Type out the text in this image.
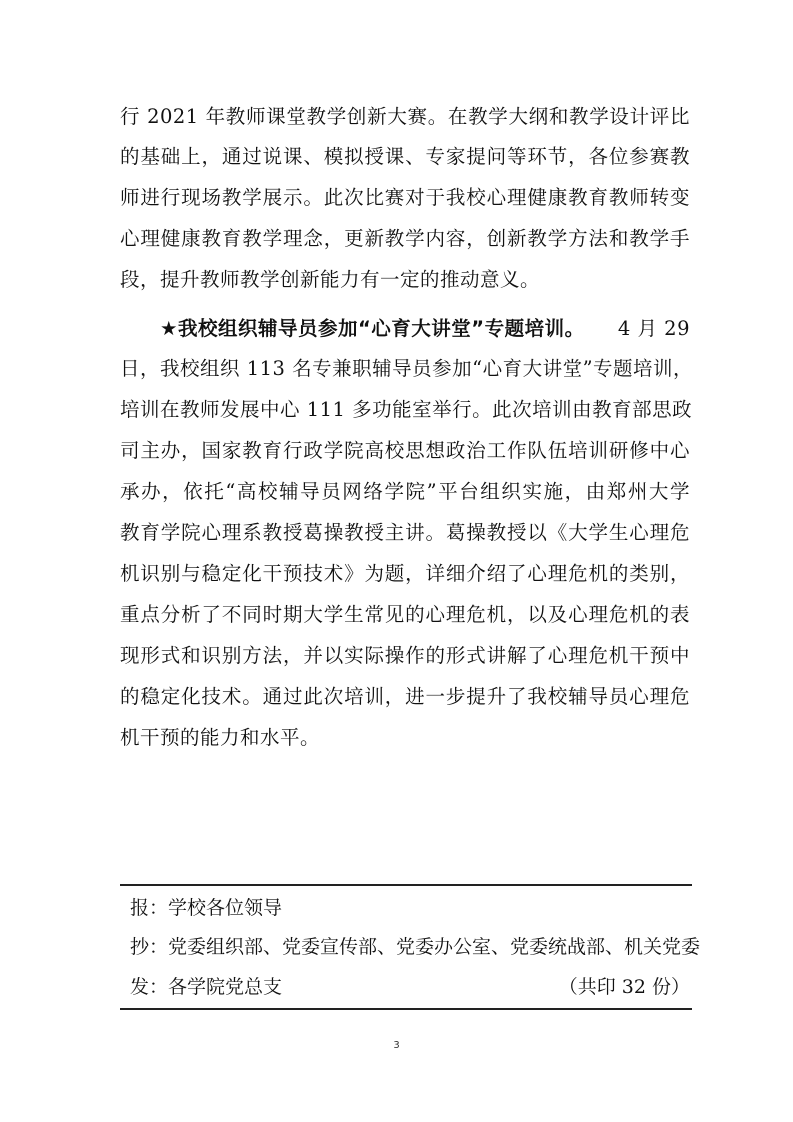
行 2021 年教师课堂教学创新大赛。在教学大纲和教学设计评比
的基础上，通过说课、模拟授课、专家提问等环节，各位参赛教
师进行现场教学展示。此次比赛对于我校心理健康教育教师转变
心理健康教育教学理念，更新教学内容，创新教学方法和教学手
段，提升教师教学创新能力有一定的推动意义。
★我校组织辅导员参加“心育大讲堂”专题培训。 4 月 29
日，我校组织 113 名专兼职辅导员参加“心育大讲堂”专题培训，
培训在教师发展中心 111 多功能室举行。此次培训由教育部思政
司主办，国家教育行政学院高校思想政治工作队伍培训研修中心
承办，依托“高校辅导员网络学院”平台组织实施，由郑州大学
教育学院心理系教授葛操教授主讲。葛操教授以《大学生心理危
机识别与稳定化干预技术》为题，详细介绍了心理危机的类别，
重点分析了不同时期大学生常见的心理危机，以及心理危机的表
现形式和识别方法，并以实际操作的形式讲解了心理危机干预中
的稳定化技术。通过此次培训，进一步提升了我校辅导员心理危
机干预的能力和水平。
报：学校各位领导
抄：党委组织部、党委宣传部、党委办公室、党委统战部、机关党委
发：各学院党总支	（共印 32 份）
3
